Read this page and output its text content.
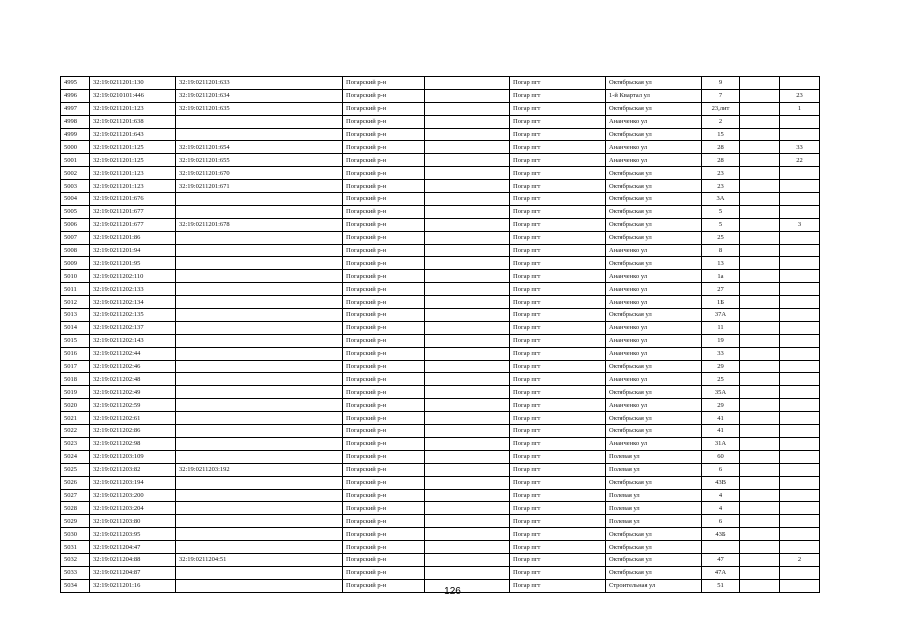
4995	32:19:0211201:130	32:19:0211201:633	Погарский р-н		Погар пгт	Октябрьская ул	9		
4996	32:19:0210101:446	32:19:0211201:634	Погарский р-н		Погар пгт	1-й Квартал ул	7		23
4997	32:19:0211201:123	32:19:0211201:635	Погарский р-н		Погар пгт	Октябрьская ул	23,лит		1
4998	32:19:0211201:638		Погарский р-н		Погар пгт	Ананченко ул	2		
4999	32:19:0211201:643		Погарский р-н		Погар пгт	Октябрьская ул	15		
5000	32:19:0211201:125	32:19:0211201:654	Погарский р-н		Погар пгт	Ананченко ул	28		33
5001	32:19:0211201:125	32:19:0211201:655	Погарский р-н		Погар пгт	Ананченко ул	28		22
5002	32:19:0211201:123	32:19:0211201:670	Погарский р-н		Погар пгт	Октябрьская ул	23		
5003	32:19:0211201:123	32:19:0211201:671	Погарский р-н		Погар пгт	Октябрьская ул	23		
5004	32:19:0211201:676		Погарский р-н		Погар пгт	Октябрьская ул	3А		
5005	32:19:0211201:677		Погарский р-н		Погар пгт	Октябрьская ул	5		
5006	32:19:0211201:677	32:19:0211201:678	Погарский р-н		Погар пгт	Октябрьская ул	5		3
5007	32:19:0211201:86		Погарский р-н		Погар пгт	Октябрьская ул	25		
5008	32:19:0211201:94		Погарский р-н		Погар пгт	Ананченко ул	8		
5009	32:19:0211201:95		Погарский р-н		Погар пгт	Октябрьская ул	13		
5010	32:19:0211202:110		Погарский р-н		Погар пгт	Ананченко ул	1а		
5011	32:19:0211202:133		Погарский р-н		Погар пгт	Ананченко ул	27		
5012	32:19:0211202:134		Погарский р-н		Погар пгт	Ананченко ул	1Б		
5013	32:19:0211202:135		Погарский р-н		Погар пгт	Октябрьская ул	37А		
5014	32:19:0211202:137		Погарский р-н		Погар пгт	Ананченко ул	11		
5015	32:19:0211202:143		Погарский р-н		Погар пгт	Ананченко ул	19		
5016	32:19:0211202:44		Погарский р-н		Погар пгт	Ананченко ул	33		
5017	32:19:0211202:46		Погарский р-н		Погар пгт	Октябрьская ул	29		
5018	32:19:0211202:48		Погарский р-н		Погар пгт	Ананченко ул	25		
5019	32:19:0211202:49		Погарский р-н		Погар пгт	Октябрьская ул	35А		
5020	32:19:0211202:59		Погарский р-н		Погар пгт	Ананченко ул	29		
5021	32:19:0211202:61		Погарский р-н		Погар пгт	Октябрьская ул	41		
5022	32:19:0211202:86		Погарский р-н		Погар пгт	Октябрьская ул	41		
5023	32:19:0211202:98		Погарский р-н		Погар пгт	Ананченко ул	31А		
5024	32:19:0211203:109		Погарский р-н		Погар пгт	Полевая ул	60		
5025	32:19:0211203:82	32:19:0211203:192	Погарский р-н		Погар пгт	Полевая ул	6		
5026	32:19:0211203:194		Погарский р-н		Погар пгт	Октябрьская ул	43В		
5027	32:19:0211203:200		Погарский р-н		Погар пгт	Полевая ул	4		
5028	32:19:0211203:204		Погарский р-н		Погар пгт	Полевая ул	4		
5029	32:19:0211203:80		Погарский р-н		Погар пгт	Полевая ул	6		
5030	32:19:0211203:95		Погарский р-н		Погар пгт	Октябрьская ул	43Б		
5031	32:19:0211204:47		Погарский р-н		Погар пгт	Октябрьская ул			
5032	32:19:0211204:88	32:19:0211204:51	Погарский р-н		Погар пгт	Октябрьская ул	47		2
5033	32:19:0211204:87		Погарский р-н		Погар пгт	Октябрьская ул	47А		
5034	32:19:0211201:16		Погарский р-н		Погар пгт	Строительная ул	51		
126
